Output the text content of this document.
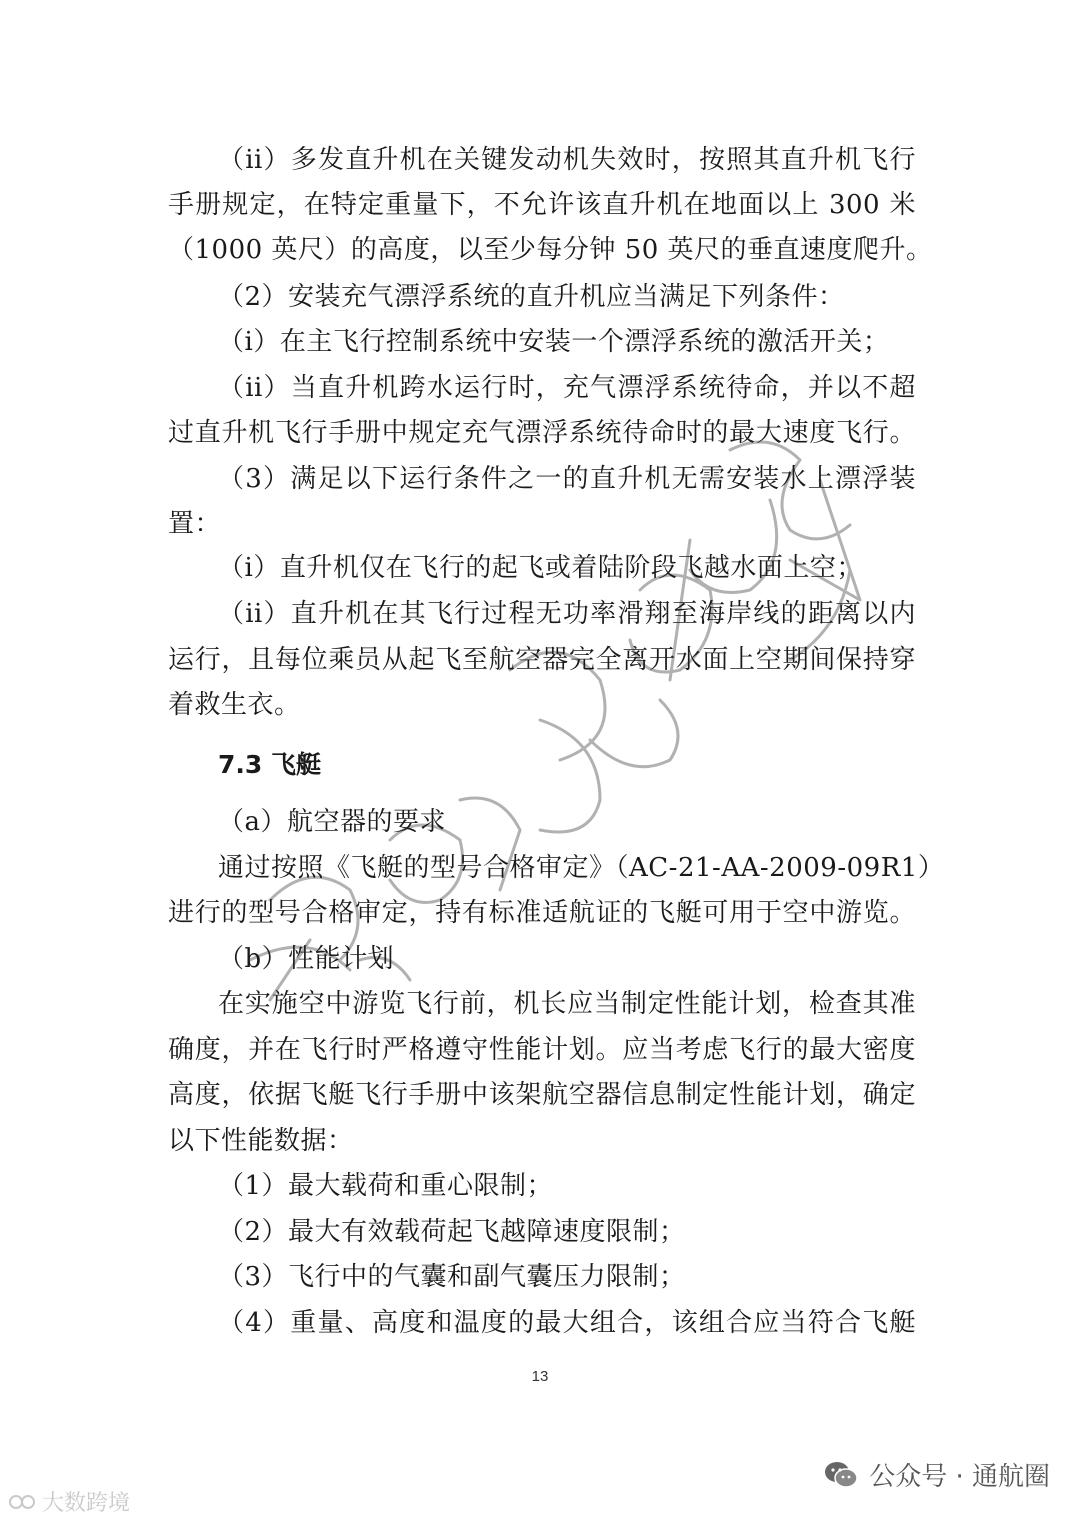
（ii）多发直升机在关键发动机失效时，按照其直升机飞行
手册规定，在特定重量下，不允许该直升机在地面以上 300 米
（1000 英尺）的高度，以至少每分钟 50 英尺的垂直速度爬升。
（2）安装充气漂浮系统的直升机应当满足下列条件：
（i）在主飞行控制系统中安装一个漂浮系统的激活开关；
（ii）当直升机跨水运行时，充气漂浮系统待命，并以不超
过直升机飞行手册中规定充气漂浮系统待命时的最大速度飞行。
（3）满足以下运行条件之一的直升机无需安装水上漂浮装
置：
（i）直升机仅在飞行的起飞或着陆阶段飞越水面上空；
（ii）直升机在其飞行过程无功率滑翔至海岸线的距离以内
运行，且每位乘员从起飞至航空器完全离开水面上空期间保持穿
着救生衣。
7.3 飞艇
（a）航空器的要求
通过按照《飞艇的型号合格审定》（AC-21-AA-2009-09R1）
进行的型号合格审定，持有标准适航证的飞艇可用于空中游览。
（b）性能计划
在实施空中游览飞行前，机长应当制定性能计划，检查其准
确度，并在飞行时严格遵守性能计划。应当考虑飞行的最大密度
高度，依据飞艇飞行手册中该架航空器信息制定性能计划，确定
以下性能数据：
（1）最大载荷和重心限制；
（2）最大有效载荷起飞越障速度限制；
（3）飞行中的气囊和副气囊压力限制；
（4）重量、高度和温度的最大组合，该组合应当符合飞艇
13
大数跨境
公众号 · 通航圈
